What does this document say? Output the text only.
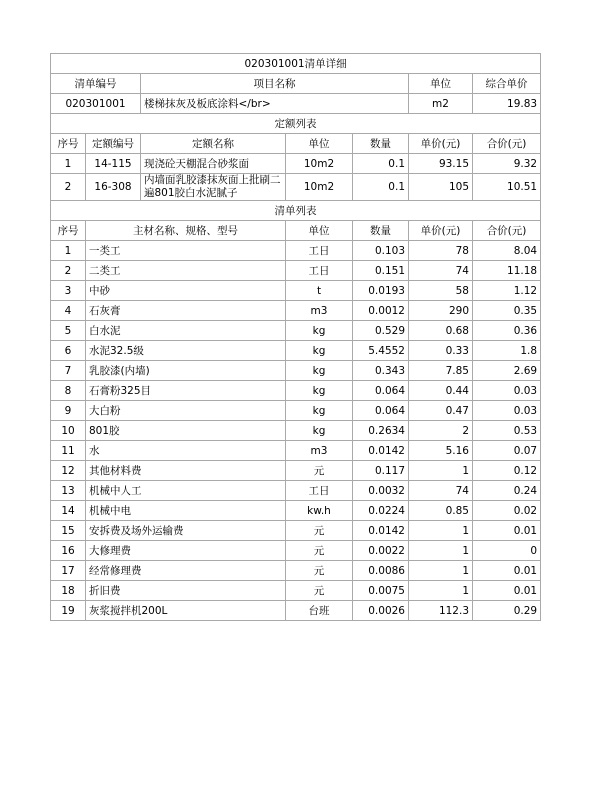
020301001清单详细						
清单编号		项目名称			单位	综合单价
020301001		楼梯抹灰及板底涂料</br>			m2	19.83
定额列表						
序号	定额编号	定额名称	单位	数量	单价(元)	合价(元)
1	14-115	现浇砼天棚混合砂浆面	10m2	0.1	93.15	9.32
2	16-308	内墙面乳胶漆抹灰面上批刷二遍801胶白水泥腻子	10m2	0.1	105	10.51
清单列表						
序号	主材名称、规格、型号		单位	数量	单价(元)	合价(元)
1	一类工		工日	0.103	78	8.04
2	二类工		工日	0.151	74	11.18
3	中砂		t	0.0193	58	1.12
4	石灰膏		m3	0.0012	290	0.35
5	白水泥		kg	0.529	0.68	0.36
6	水泥32.5级		kg	5.4552	0.33	1.8
7	乳胶漆(内墙)		kg	0.343	7.85	2.69
8	石膏粉325目		kg	0.064	0.44	0.03
9	大白粉		kg	0.064	0.47	0.03
10	801胶		kg	0.2634	2	0.53
11	水		m3	0.0142	5.16	0.07
12	其他材料费		元	0.117	1	0.12
13	机械中人工		工日	0.0032	74	0.24
14	机械中电		kw.h	0.0224	0.85	0.02
15	安拆费及场外运输费		元	0.0142	1	0.01
16	大修理费		元	0.0022	1	0
17	经常修理费		元	0.0086	1	0.01
18	折旧费		元	0.0075	1	0.01
19	灰浆搅拌机200L		台班	0.0026	112.3	0.29
